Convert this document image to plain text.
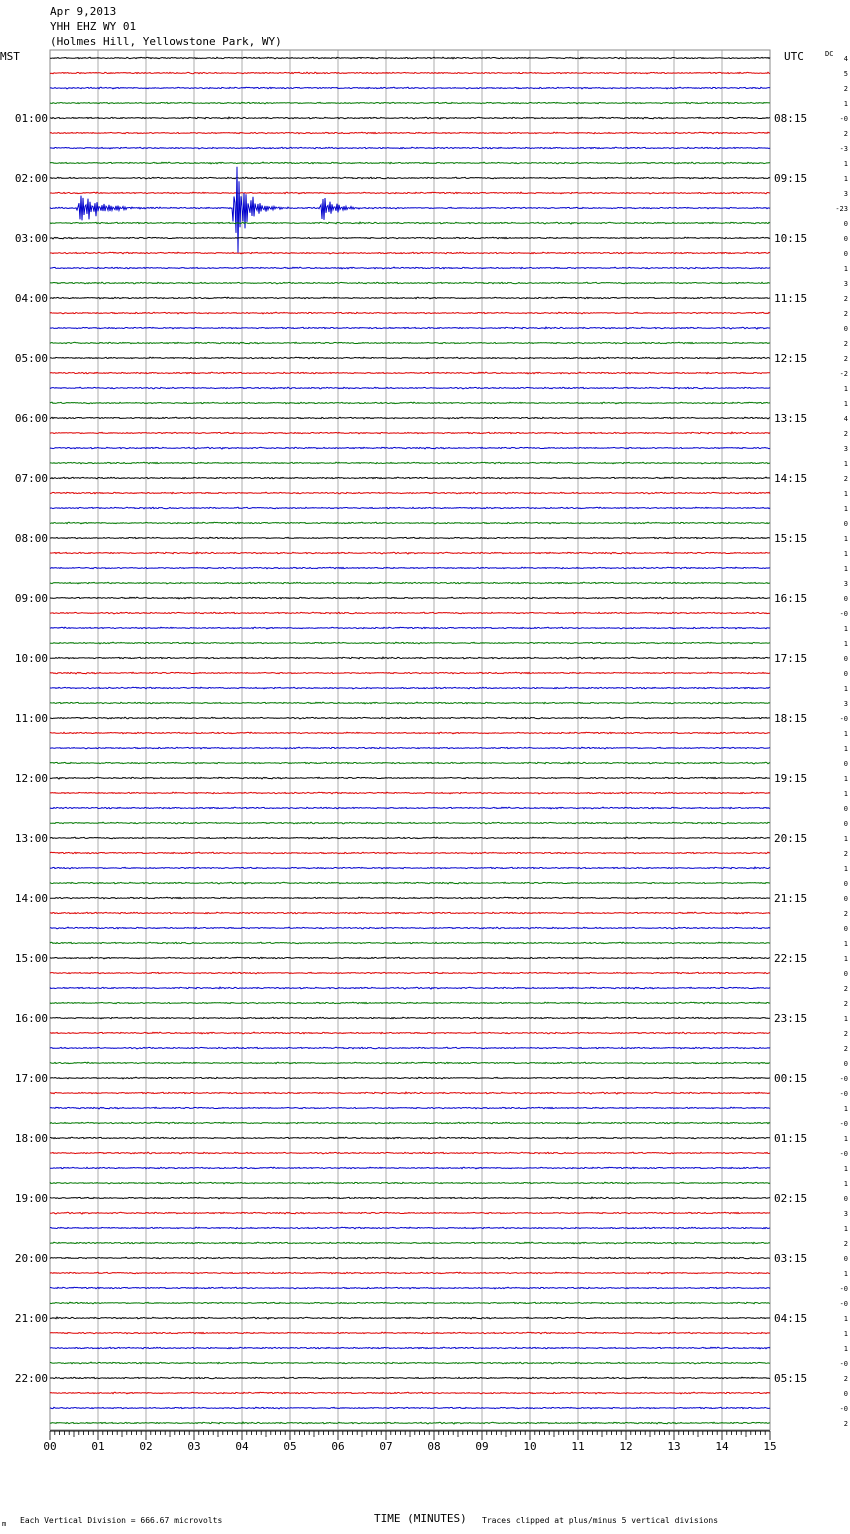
Apr 9,2013
YHH EHZ WY 01
(Holmes Hill, Yellowstone Park, WY)
00	01	02	03	04	05	06	07	08	09	10	11	12	13	14	15
4
5
2
1
-0
01:00	08:15
2
-3
1
1
02:00	09:15
3
-23
0
0
03:00	10:15
0
1
3
2
04:00	11:15
2
0
2
2
05:00	12:15
-2
1
1
4
06:00	13:15
2
3
1
2
07:00	14:15
1
1
0
1
08:00	15:15
1
1
3
0
09:00	16:15
-0
1
1
0
10:00	17:15
0
1
3
-0
11:00	18:15
1
1
0
1
12:00	19:15
1
0
0
1
13:00	20:15
2
1
0
0
14:00	21:15
2
0
1
1
15:00	22:15
0
2
2
1
16:00	23:15
2
2
0
-0
17:00	00:15
-0
1
-0
1
18:00	01:15
-0
1
1
0
19:00	02:15
3
1
2
0
20:00	03:15
1
-0
-0
1
21:00	04:15
1
1
-0
2
22:00	05:15
0
-0
2
MST	UTC	DC
Each Vertical Division = 666.67 microvolts	TIME (MINUTES) Traces clipped at plus/minus 5 vertical divisions
m
